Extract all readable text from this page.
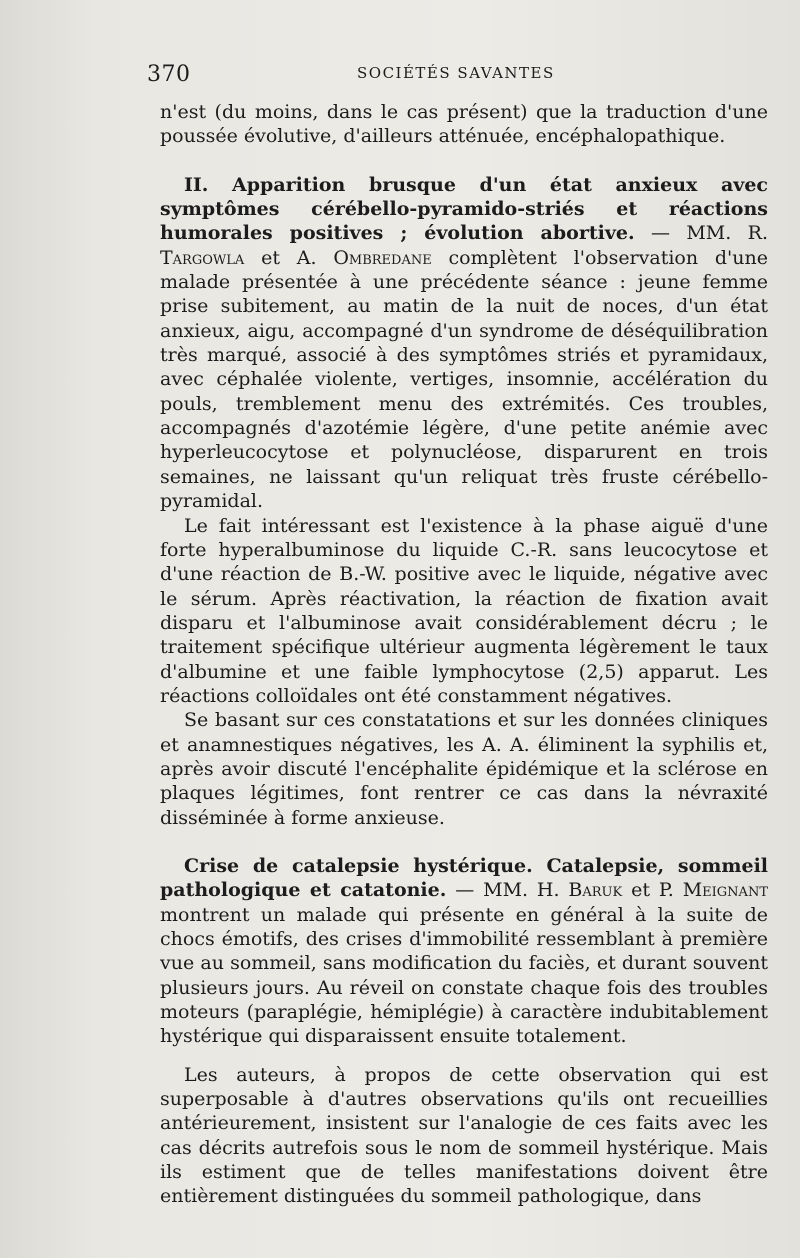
370	SOCIÉTÉS SAVANTES

n'est (du moins, dans le cas présent) que la traduction d'une poussée évolutive, d'ailleurs atténuée, encéphalopathique.

II. Apparition brusque d'un état anxieux avec symptômes cérébello-pyramido-striés et réactions humorales positives ; évolution abortive. — MM. R. Targowla et A. Ombredane complètent l'observation d'une malade présentée à une précédente séance : jeune femme prise subitement, au matin de la nuit de noces, d'un état anxieux, aigu, accompagné d'un syndrome de déséquilibration très marqué, associé à des symptômes striés et pyramidaux, avec céphalée violente, vertiges, insomnie, accélération du pouls, tremblement menu des extrémités. Ces troubles, accompagnés d'azotémie légère, d'une petite anémie avec hyperleucocytose et polynucléose, disparurent en trois semaines, ne laissant qu'un reliquat très fruste cérébello-pyramidal.

Le fait intéressant est l'existence à la phase aiguë d'une forte hyperalbuminose du liquide C.-R. sans leucocytose et d'une réaction de B.-W. positive avec le liquide, négative avec le sérum. Après réactivation, la réaction de fixation avait disparu et l'albuminose avait considérablement décru ; le traitement spécifique ultérieur augmenta légèrement le taux d'albumine et une faible lymphocytose (2,5) apparut. Les réactions colloïdales ont été constamment négatives.

Se basant sur ces constatations et sur les données cliniques et anamnestiques négatives, les A. A. éliminent la syphilis et, après avoir discuté l'encéphalite épidémique et la sclérose en plaques légitimes, font rentrer ce cas dans la névraxité disséminée à forme anxieuse.

Crise de catalepsie hystérique. Catalepsie, sommeil pathologique et catatonie. — MM. H. Baruk et P. Meignant montrent un malade qui présente en général à la suite de chocs émotifs, des crises d'immobilité ressemblant à première vue au sommeil, sans modification du faciès, et durant souvent plusieurs jours. Au réveil on constate chaque fois des troubles moteurs (paraplégie, hémiplégie) à caractère indubitablement hystérique qui disparaissent ensuite totalement.

Les auteurs, à propos de cette observation qui est superposable à d'autres observations qu'ils ont recueillies antérieurement, insistent sur l'analogie de ces faits avec les cas décrits autrefois sous le nom de sommeil hystérique. Mais ils estiment que de telles manifestations doivent être entièrement distinguées du sommeil pathologique, dans
